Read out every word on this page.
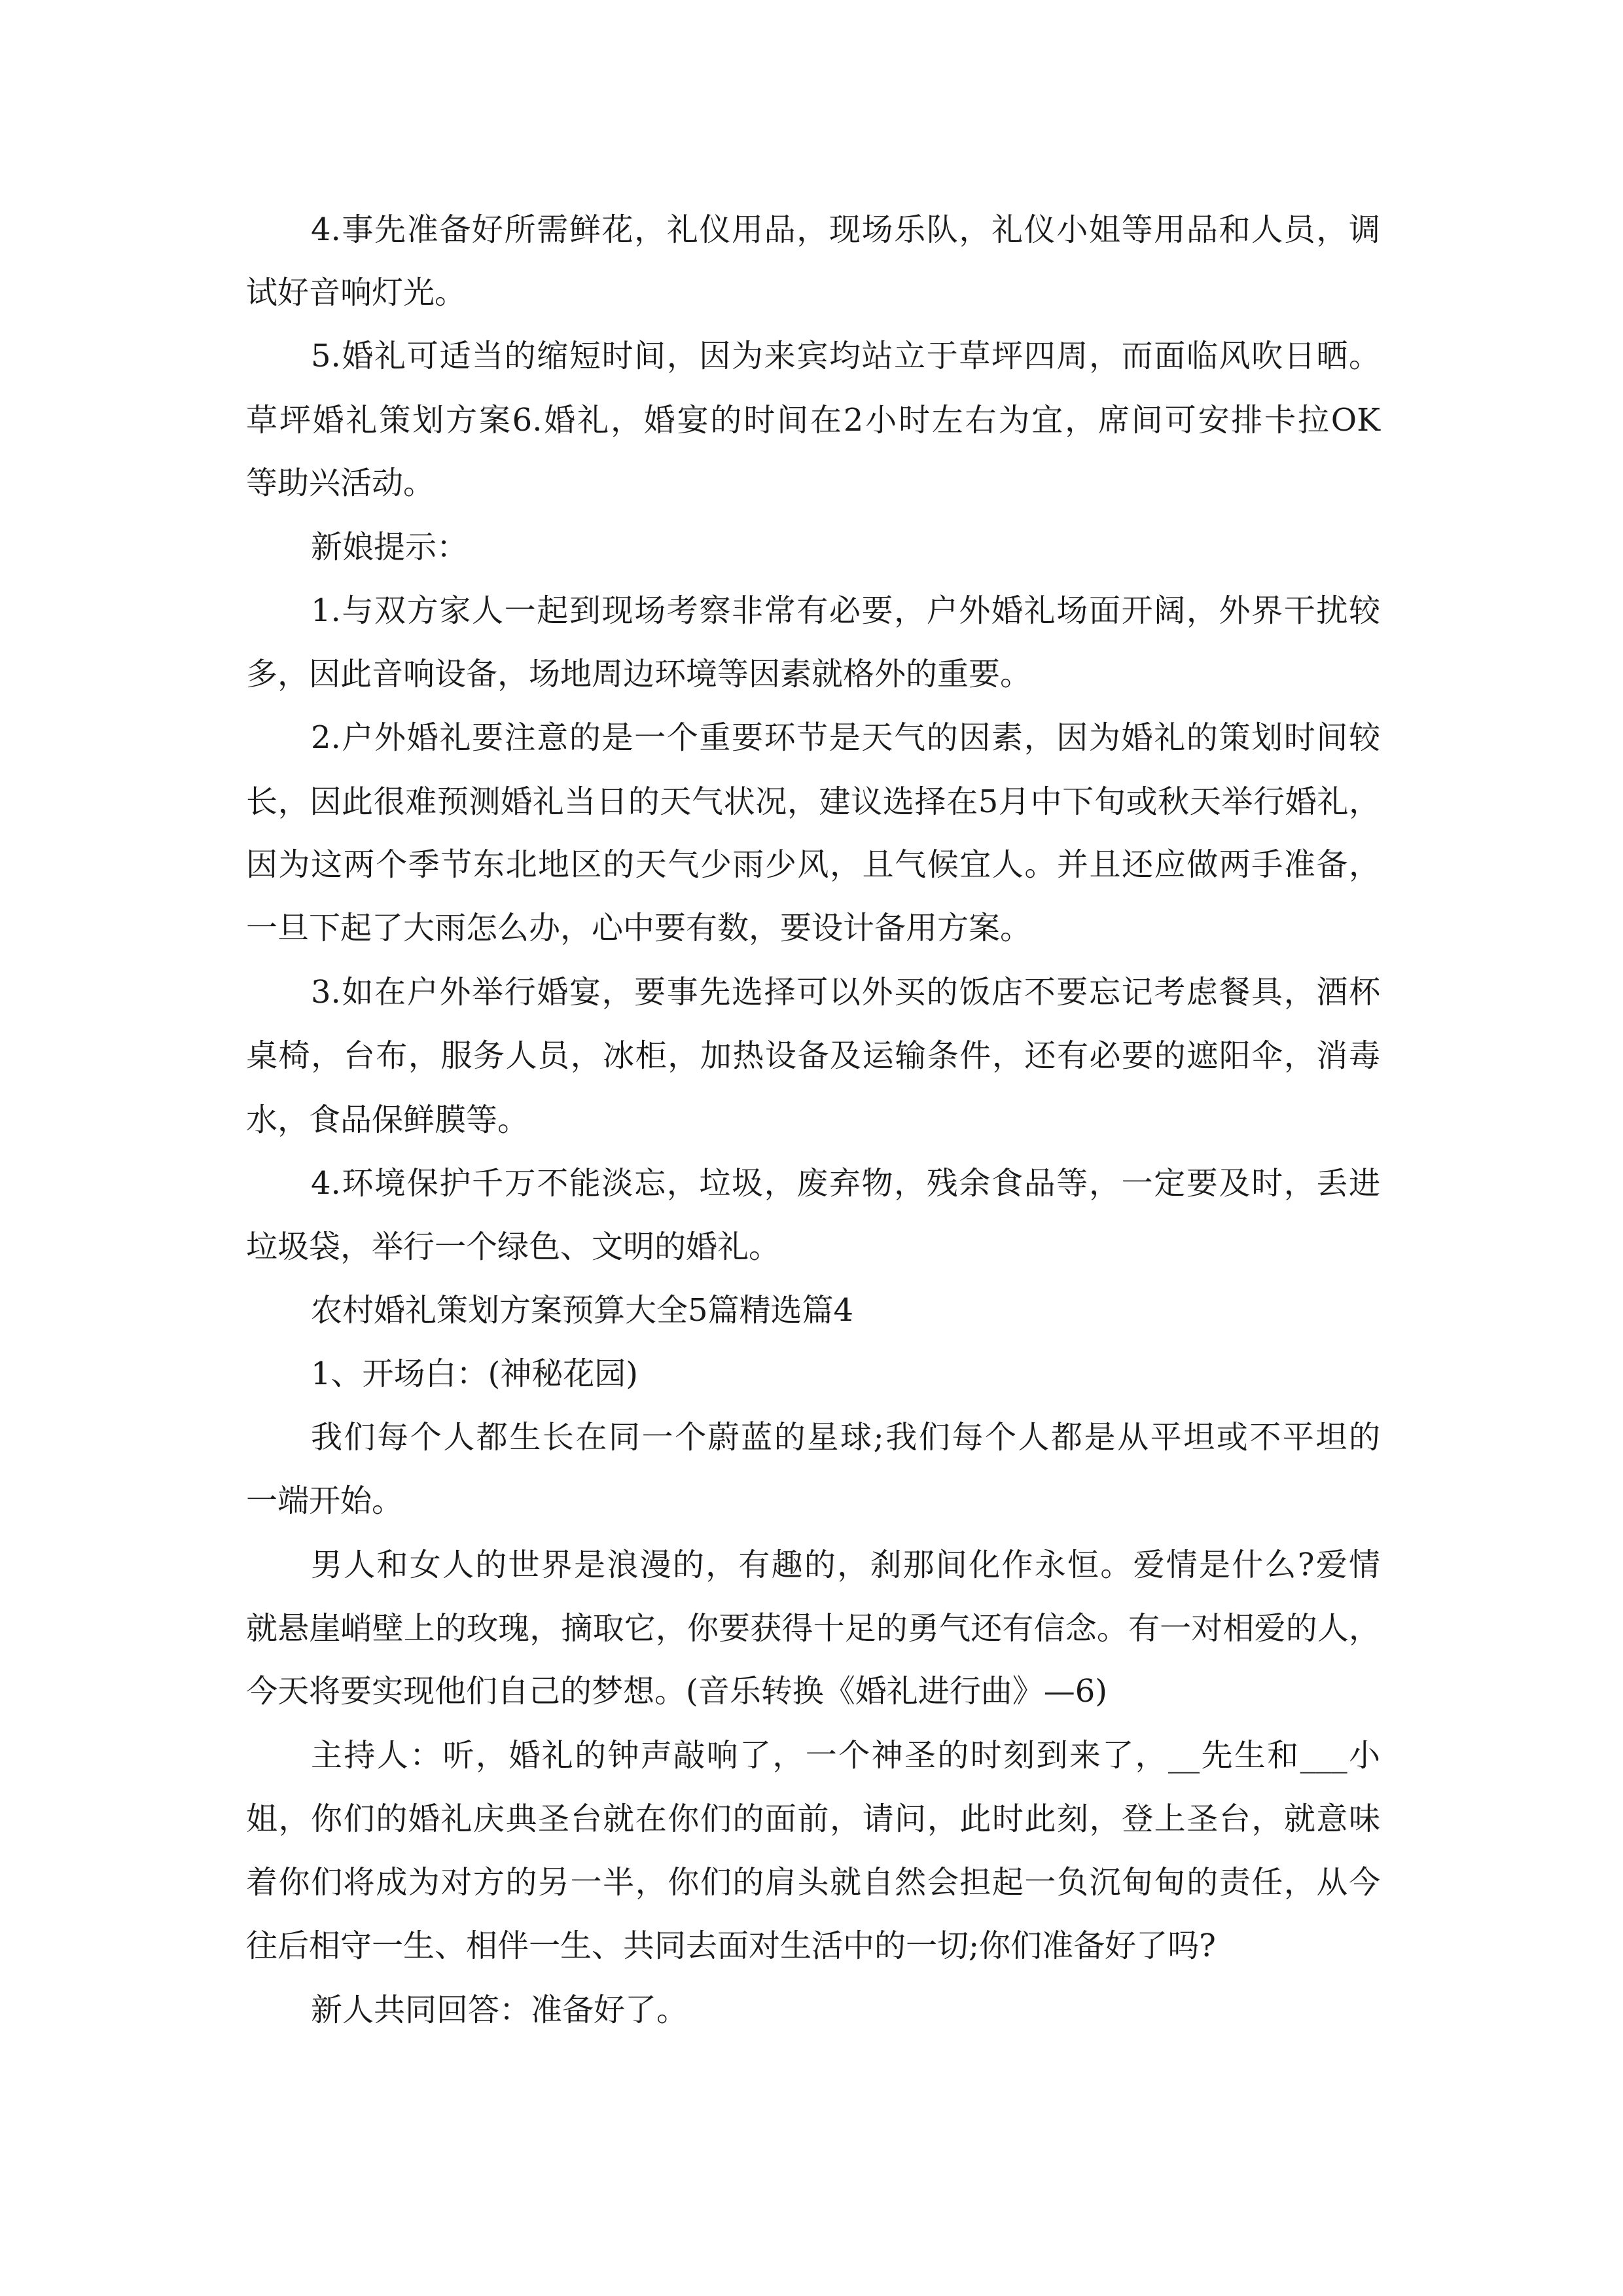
4.事先准备好所需鲜花，礼仪用品，现场乐队，礼仪小姐等用品和人员，调

试好音响灯光。

5.婚礼可适当的缩短时间，因为来宾均站立于草坪四周，而面临风吹日晒。

草坪婚礼策划方案6.婚礼，婚宴的时间在2小时左右为宜，席间可安排卡拉OK

等助兴活动。

新娘提示：

1.与双方家人一起到现场考察非常有必要，户外婚礼场面开阔，外界干扰较

多，因此音响设备，场地周边环境等因素就格外的重要。

2.户外婚礼要注意的是一个重要环节是天气的因素，因为婚礼的策划时间较

长，因此很难预测婚礼当日的天气状况，建议选择在5月中下旬或秋天举行婚礼，

因为这两个季节东北地区的天气少雨少风，且气候宜人。并且还应做两手准备，

一旦下起了大雨怎么办，心中要有数，要设计备用方案。

3.如在户外举行婚宴，要事先选择可以外买的饭店不要忘记考虑餐具，酒杯

桌椅，台布，服务人员，冰柜，加热设备及运输条件，还有必要的遮阳伞，消毒

水，食品保鲜膜等。

4.环境保护千万不能淡忘，垃圾，废弃物，残余食品等，一定要及时，丢进

垃圾袋，举行一个绿色、文明的婚礼。

农村婚礼策划方案预算大全5篇精选篇4

1、开场白：(神秘花园)

我们每个人都生长在同一个蔚蓝的星球;我们每个人都是从平坦或不平坦的

一端开始。

男人和女人的世界是浪漫的，有趣的，刹那间化作永恒。爱情是什么?爱情

就悬崖峭壁上的玫瑰，摘取它，你要获得十足的勇气还有信念。有一对相爱的人，

今天将要实现他们自己的梦想。(音乐转换《婚礼进行曲》—6)

主持人：听，婚礼的钟声敲响了，一个神圣的时刻到来了，__先生和___小

姐，你们的婚礼庆典圣台就在你们的面前，请问，此时此刻，登上圣台，就意味

着你们将成为对方的另一半，你们的肩头就自然会担起一负沉甸甸的责任，从今

往后相守一生、相伴一生、共同去面对生活中的一切;你们准备好了吗?

新人共同回答：准备好了。
